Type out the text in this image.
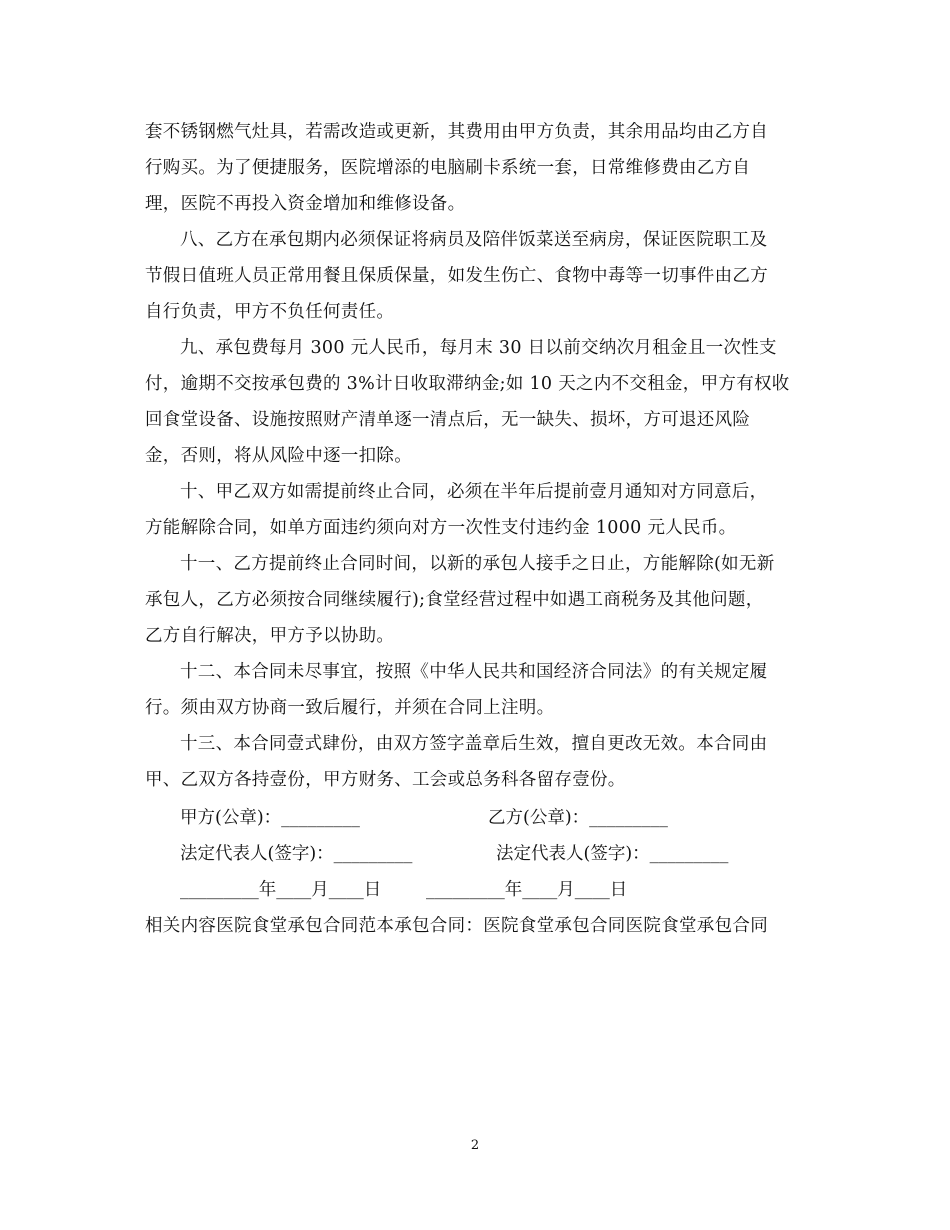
套不锈钢燃气灶具，若需改造或更新，其费用由甲方负责，其余用品均由乙方自
行购买。为了便捷服务，医院增添的电脑刷卡系统一套，日常维修费由乙方自
理，医院不再投入资金增加和维修设备。
八、乙方在承包期内必须保证将病员及陪伴饭菜送至病房，保证医院职工及
节假日值班人员正常用餐且保质保量，如发生伤亡、食物中毒等一切事件由乙方
自行负责，甲方不负任何责任。
九、承包费每月 300 元人民币，每月末 30 日以前交纳次月租金且一次性支
付，逾期不交按承包费的 3%计日收取滞纳金;如 10 天之内不交租金，甲方有权收
回食堂设备、设施按照财产清单逐一清点后，无一缺失、损坏，方可退还风险
金，否则，将从风险中逐一扣除。
十、甲乙双方如需提前终止合同，必须在半年后提前壹月通知对方同意后，
方能解除合同，如单方面违约须向对方一次性支付违约金 1000 元人民币。
十一、乙方提前终止合同时间，以新的承包人接手之日止，方能解除(如无新
承包人，乙方必须按合同继续履行);食堂经营过程中如遇工商税务及其他问题，
乙方自行解决，甲方予以协助。
十二、本合同未尽事宜，按照《中华人民共和国经济合同法》的有关规定履
行。须由双方协商一致后履行，并须在合同上注明。
十三、本合同壹式肆份，由双方签字盖章后生效，擅自更改无效。本合同由
甲、乙双方各持壹份，甲方财务、工会或总务科各留存壹份。
甲方(公章)：_________	乙方(公章)：_________
法定代表人(签字)：_________	法定代表人(签字)：_________
_________年____月____日	_________年____月____日
相关内容医院食堂承包合同范本承包合同：医院食堂承包合同医院食堂承包合同
2
